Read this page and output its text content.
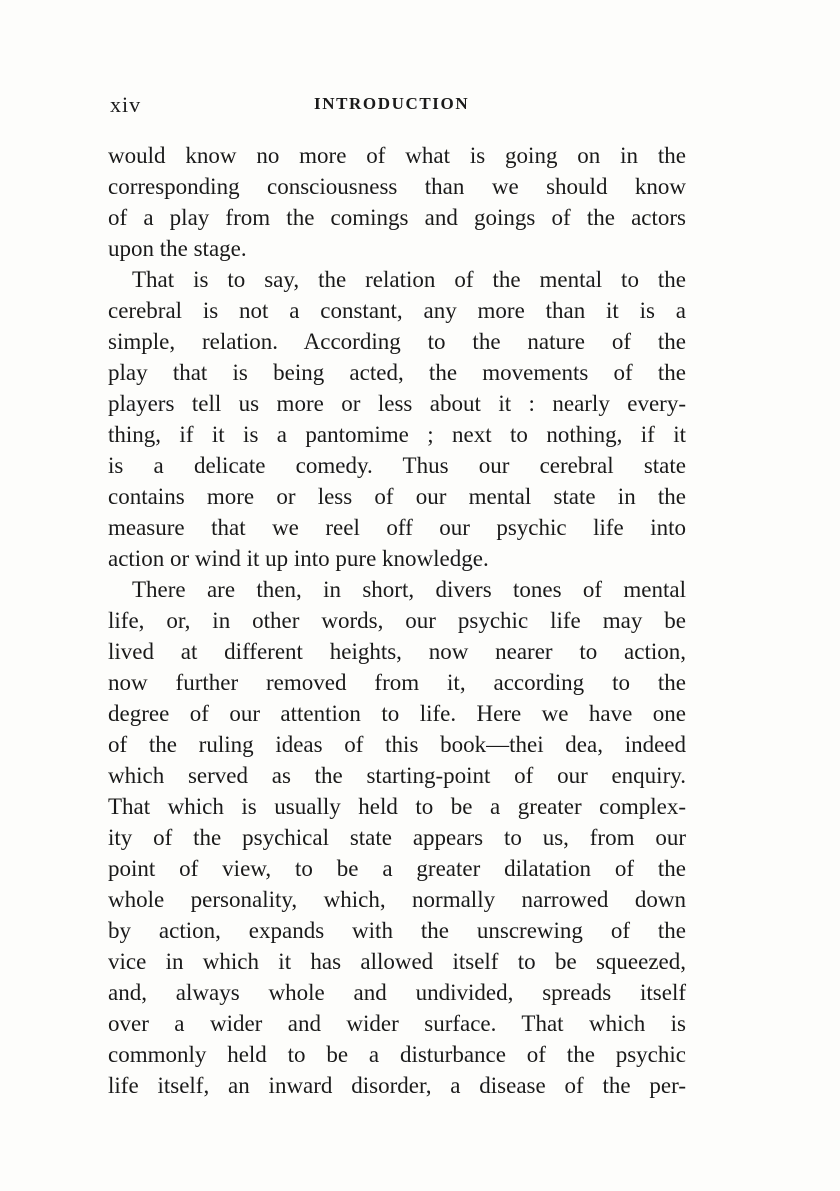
xiv	INTRODUCTION
would know no more of what is going on in the
corresponding consciousness than we should know
of a play from the comings and goings of the actors
upon the stage.
That is to say, the relation of the mental to the
cerebral is not a constant, any more than it is a
simple, relation. According to the nature of the
play that is being acted, the movements of the
players tell us more or less about it : nearly every-
thing, if it is a pantomime ; next to nothing, if it
is a delicate comedy. Thus our cerebral state
contains more or less of our mental state in the
measure that we reel off our psychic life into
action or wind it up into pure knowledge.
There are then, in short, divers tones of mental
life, or, in other words, our psychic life may be
lived at different heights, now nearer to action,
now further removed from it, according to the
degree of our attention to life. Here we have one
of the ruling ideas of this book—thei dea, indeed
which served as the starting-point of our enquiry.
That which is usually held to be a greater complex-
ity of the psychical state appears to us, from our
point of view, to be a greater dilatation of the
whole personality, which, normally narrowed down
by action, expands with the unscrewing of the
vice in which it has allowed itself to be squeezed,
and, always whole and undivided, spreads itself
over a wider and wider surface. That which is
commonly held to be a disturbance of the psychic
life itself, an inward disorder, a disease of the per-
